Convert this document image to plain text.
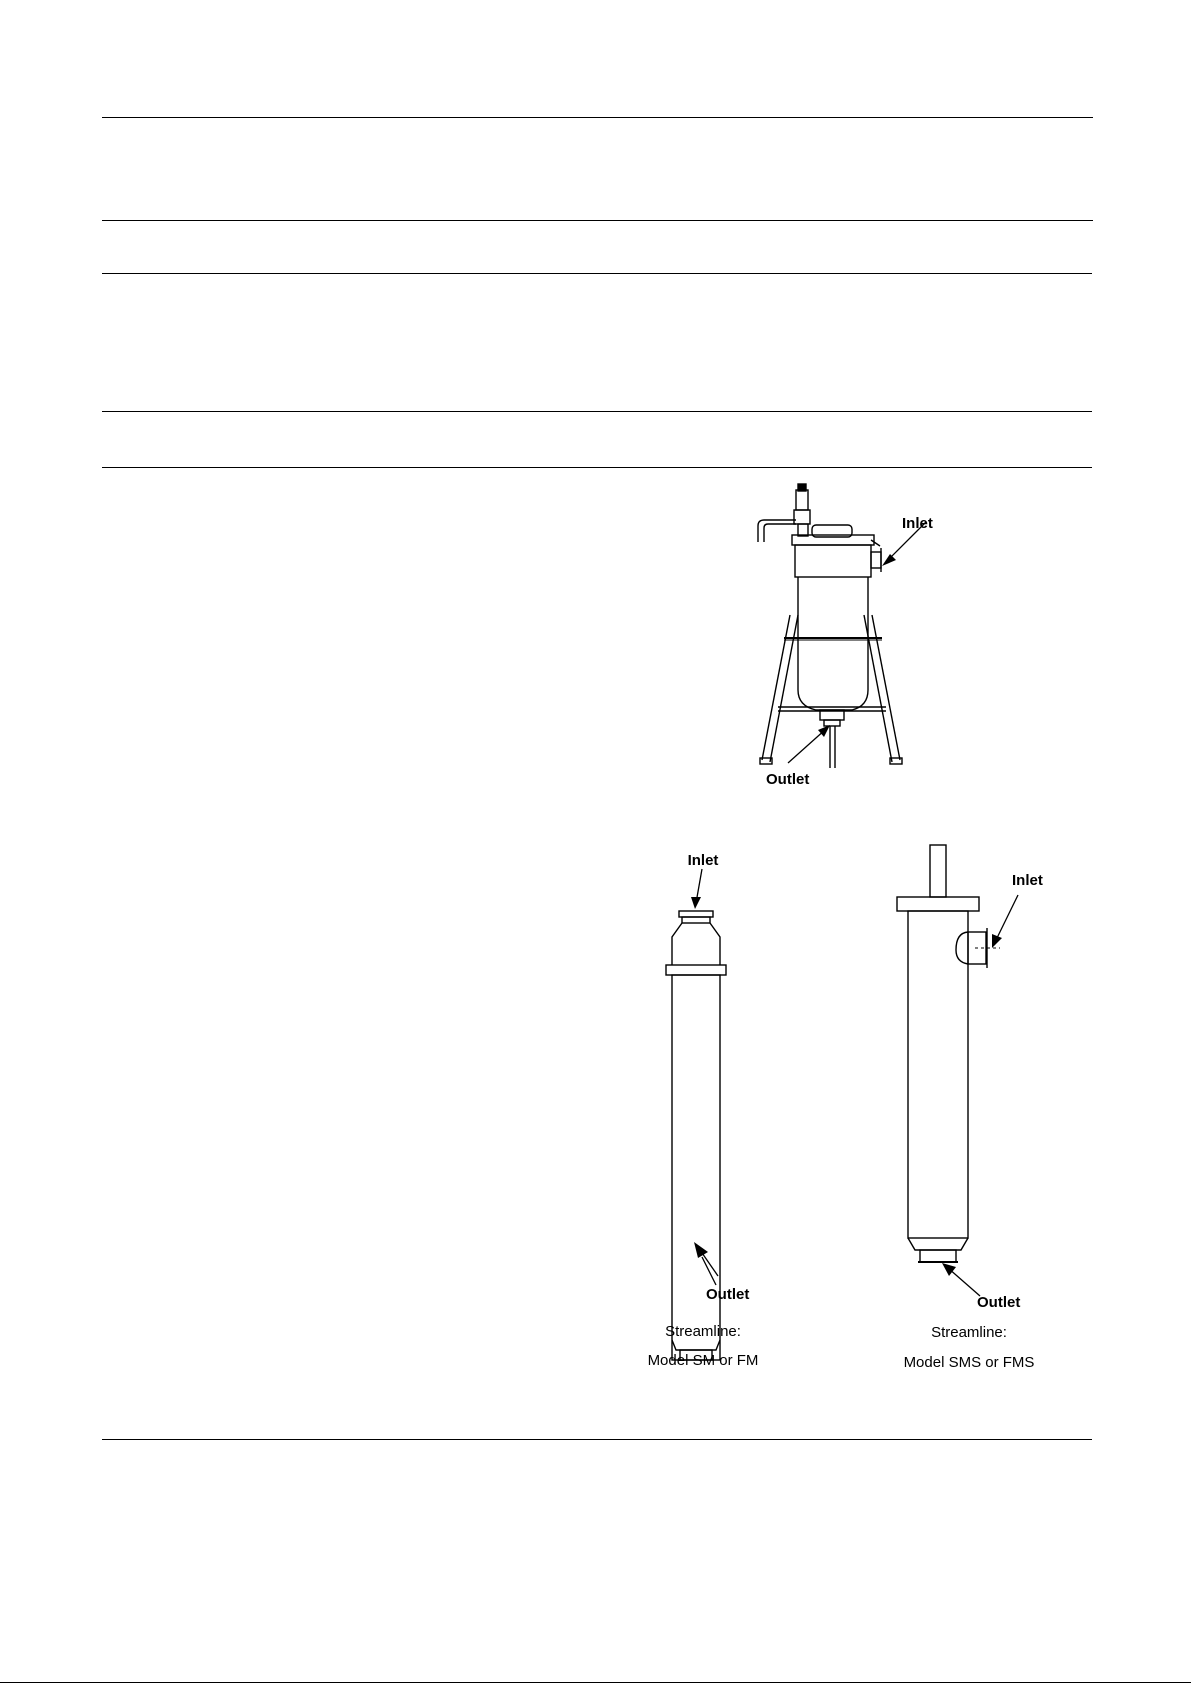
Inlet
Outlet
Inlet
Outlet
Streamline:
Model SM or FM
Inlet
Outlet
Streamline:
Model SMS or FMS
